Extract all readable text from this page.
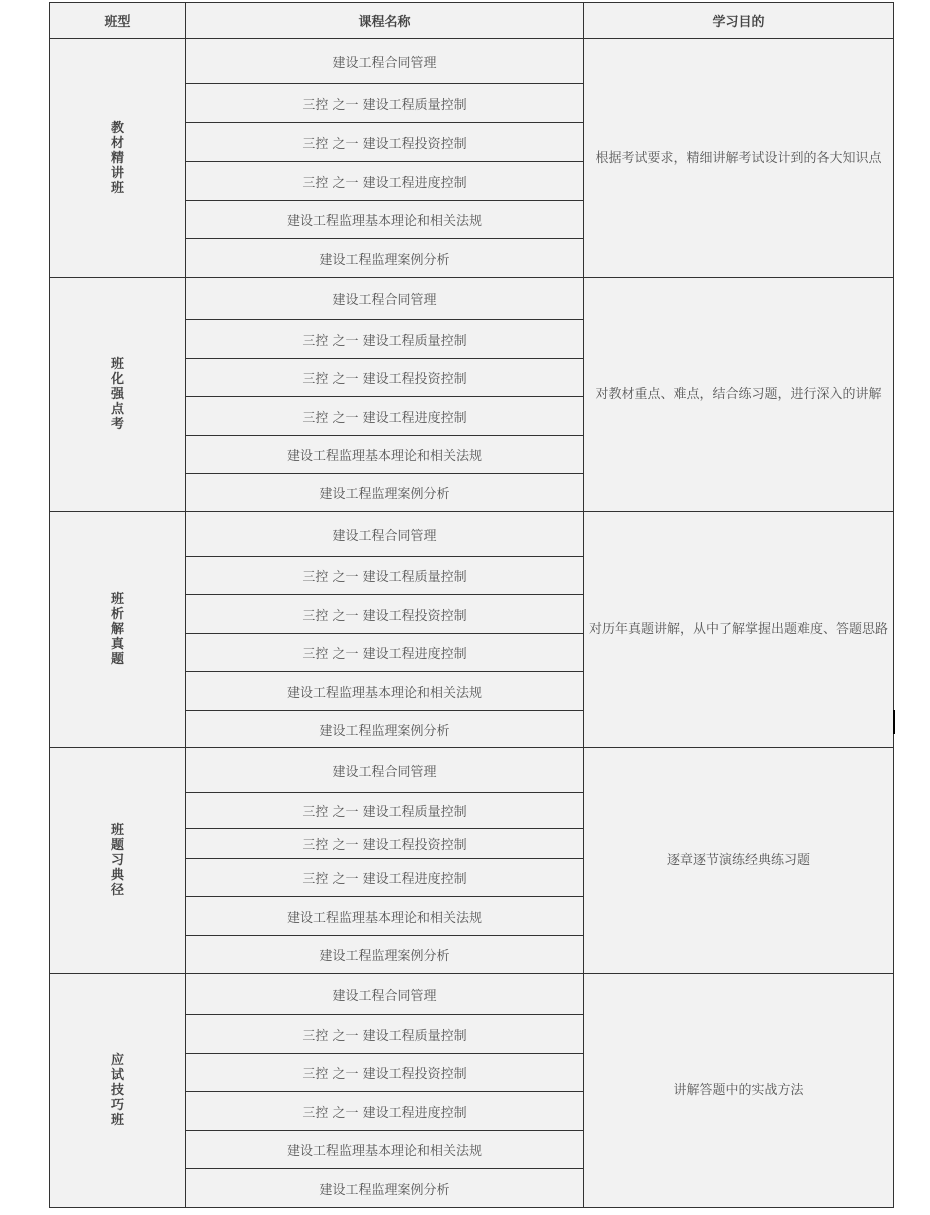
班型	课程名称	学习目的
教材精讲班	建设工程合同管理	根据考试要求，精细讲解考试设计到的各大知识点
	三控 之一 建设工程质量控制	
	三控 之一 建设工程投资控制	
	三控 之一 建设工程进度控制	
	建设工程监理基本理论和相关法规	
	建设工程监理案例分析	
班化强点考	建设工程合同管理	对教材重点、难点，结合练习题，进行深入的讲解
	三控 之一 建设工程质量控制	
	三控 之一 建设工程投资控制	
	三控 之一 建设工程进度控制	
	建设工程监理基本理论和相关法规	
	建设工程监理案例分析	
班析解真题	建设工程合同管理	对历年真题讲解，从中了解掌握出题难度、答题思路
	三控 之一 建设工程质量控制	
	三控 之一 建设工程投资控制	
	三控 之一 建设工程进度控制	
	建设工程监理基本理论和相关法规	
	建设工程监理案例分析	
班题习典径	建设工程合同管理	逐章逐节演练经典练习题
	三控 之一 建设工程质量控制	
	三控 之一 建设工程投资控制	
	三控 之一 建设工程进度控制	
	建设工程监理基本理论和相关法规	
	建设工程监理案例分析	
应试技巧班	建设工程合同管理	讲解答题中的实战方法
	三控 之一 建设工程质量控制	
	三控 之一 建设工程投资控制	
	三控 之一 建设工程进度控制	
	建设工程监理基本理论和相关法规	
	建设工程监理案例分析	
